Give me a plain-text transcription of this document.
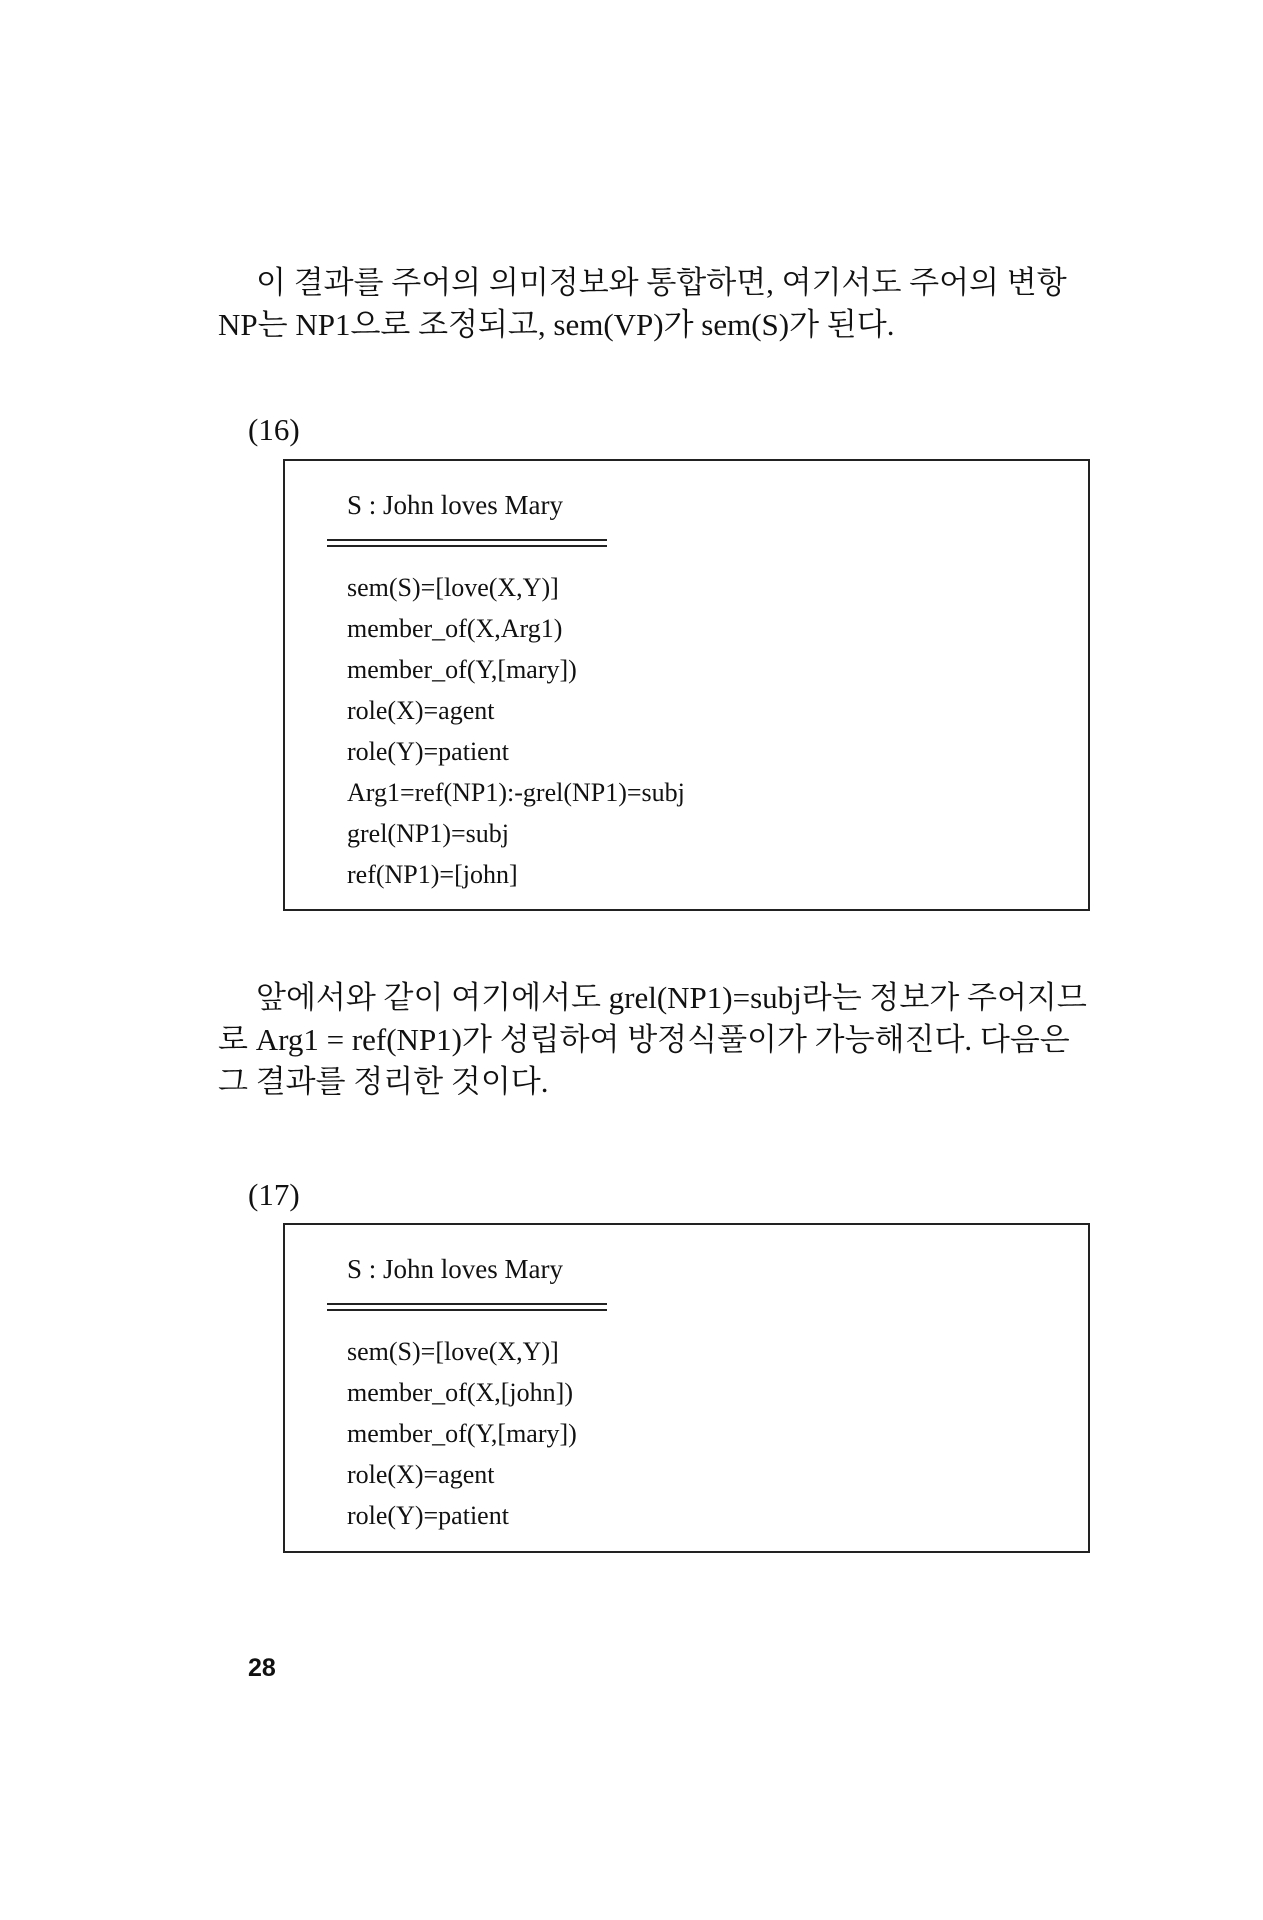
이 결과를 주어의 의미정보와 통합하면, 여기서도 주어의 변항
NP는 NP1으로 조정되고, sem(VP)가 sem(S)가 된다.

(16)
S : John loves Mary
sem(S)=[love(X,Y)]
member_of(X,Arg1)
member_of(Y,[mary])
role(X)=agent
role(Y)=patient
Arg1=ref(NP1):-grel(NP1)=subj
grel(NP1)=subj
ref(NP1)=[john]

앞에서와 같이 여기에서도 grel(NP1)=subj라는 정보가 주어지므
로 Arg1 = ref(NP1)가 성립하여 방정식풀이가 가능해진다. 다음은
그 결과를 정리한 것이다.

(17)
S : John loves Mary
sem(S)=[love(X,Y)]
member_of(X,[john])
member_of(Y,[mary])
role(X)=agent
role(Y)=patient
28
